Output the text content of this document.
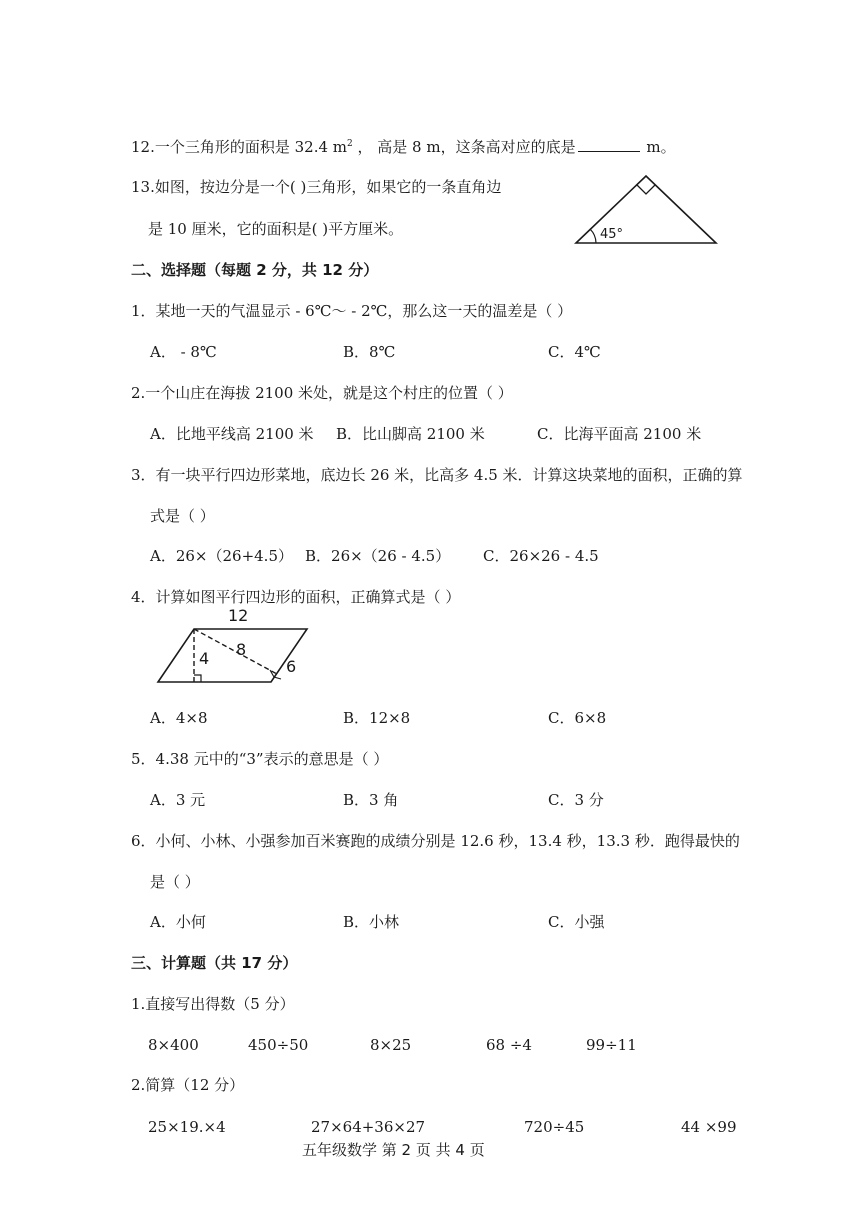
12.一个三角形的面积是 32.4 $m^2$ ， 高是 8 m，这条高对应的底是	m。
13.如图，按边分是一个( )三角形，如果它的一条直角边
是 10 厘米，它的面积是( )平方厘米。	45°
二、选择题（每题 2 分，共 12 分）
1．某地一天的气温显示 - 6℃～ - 2℃，那么这一天的温差是（ ）
A． - 8℃	B．8℃	C．4℃
2.一个山庄在海拔 2100 米处，就是这个村庄的位置（ ）
A．比地平线高 2100 米 B．比山脚高 2100 米	C．比海平面高 2100 米
3．有一块平行四边形菜地，底边长 26 米，比高多 4.5 米．计算这块菜地的面积，正确的算
式是（ ）
A．26×（26+4.5） B．26×（26 - 4.5） C．26×26 - 4.5
4．计算如图平行四边形的面积，正确算式是（ ）
12
4 8
6
A．4×8	B．12×8	C．6×8
5．4.38 元中的“3”表示的意思是（ ）
A．3 元	B．3 角	C．3 分
6．小何、小林、小强参加百米赛跑的成绩分别是 12.6 秒，13.4 秒，13.3 秒．跑得最快的
是（ ）
A．小何	B．小林	C．小强
三、计算题（共 17 分）
1.直接写出得数（5 分）
8×400	450÷50	8×25	68 ÷4	99÷11
2.简算（12 分）
25×19.×4	27×64+36×27	720÷45	44 ×99
五年级数学 第 2 页 共 4 页
